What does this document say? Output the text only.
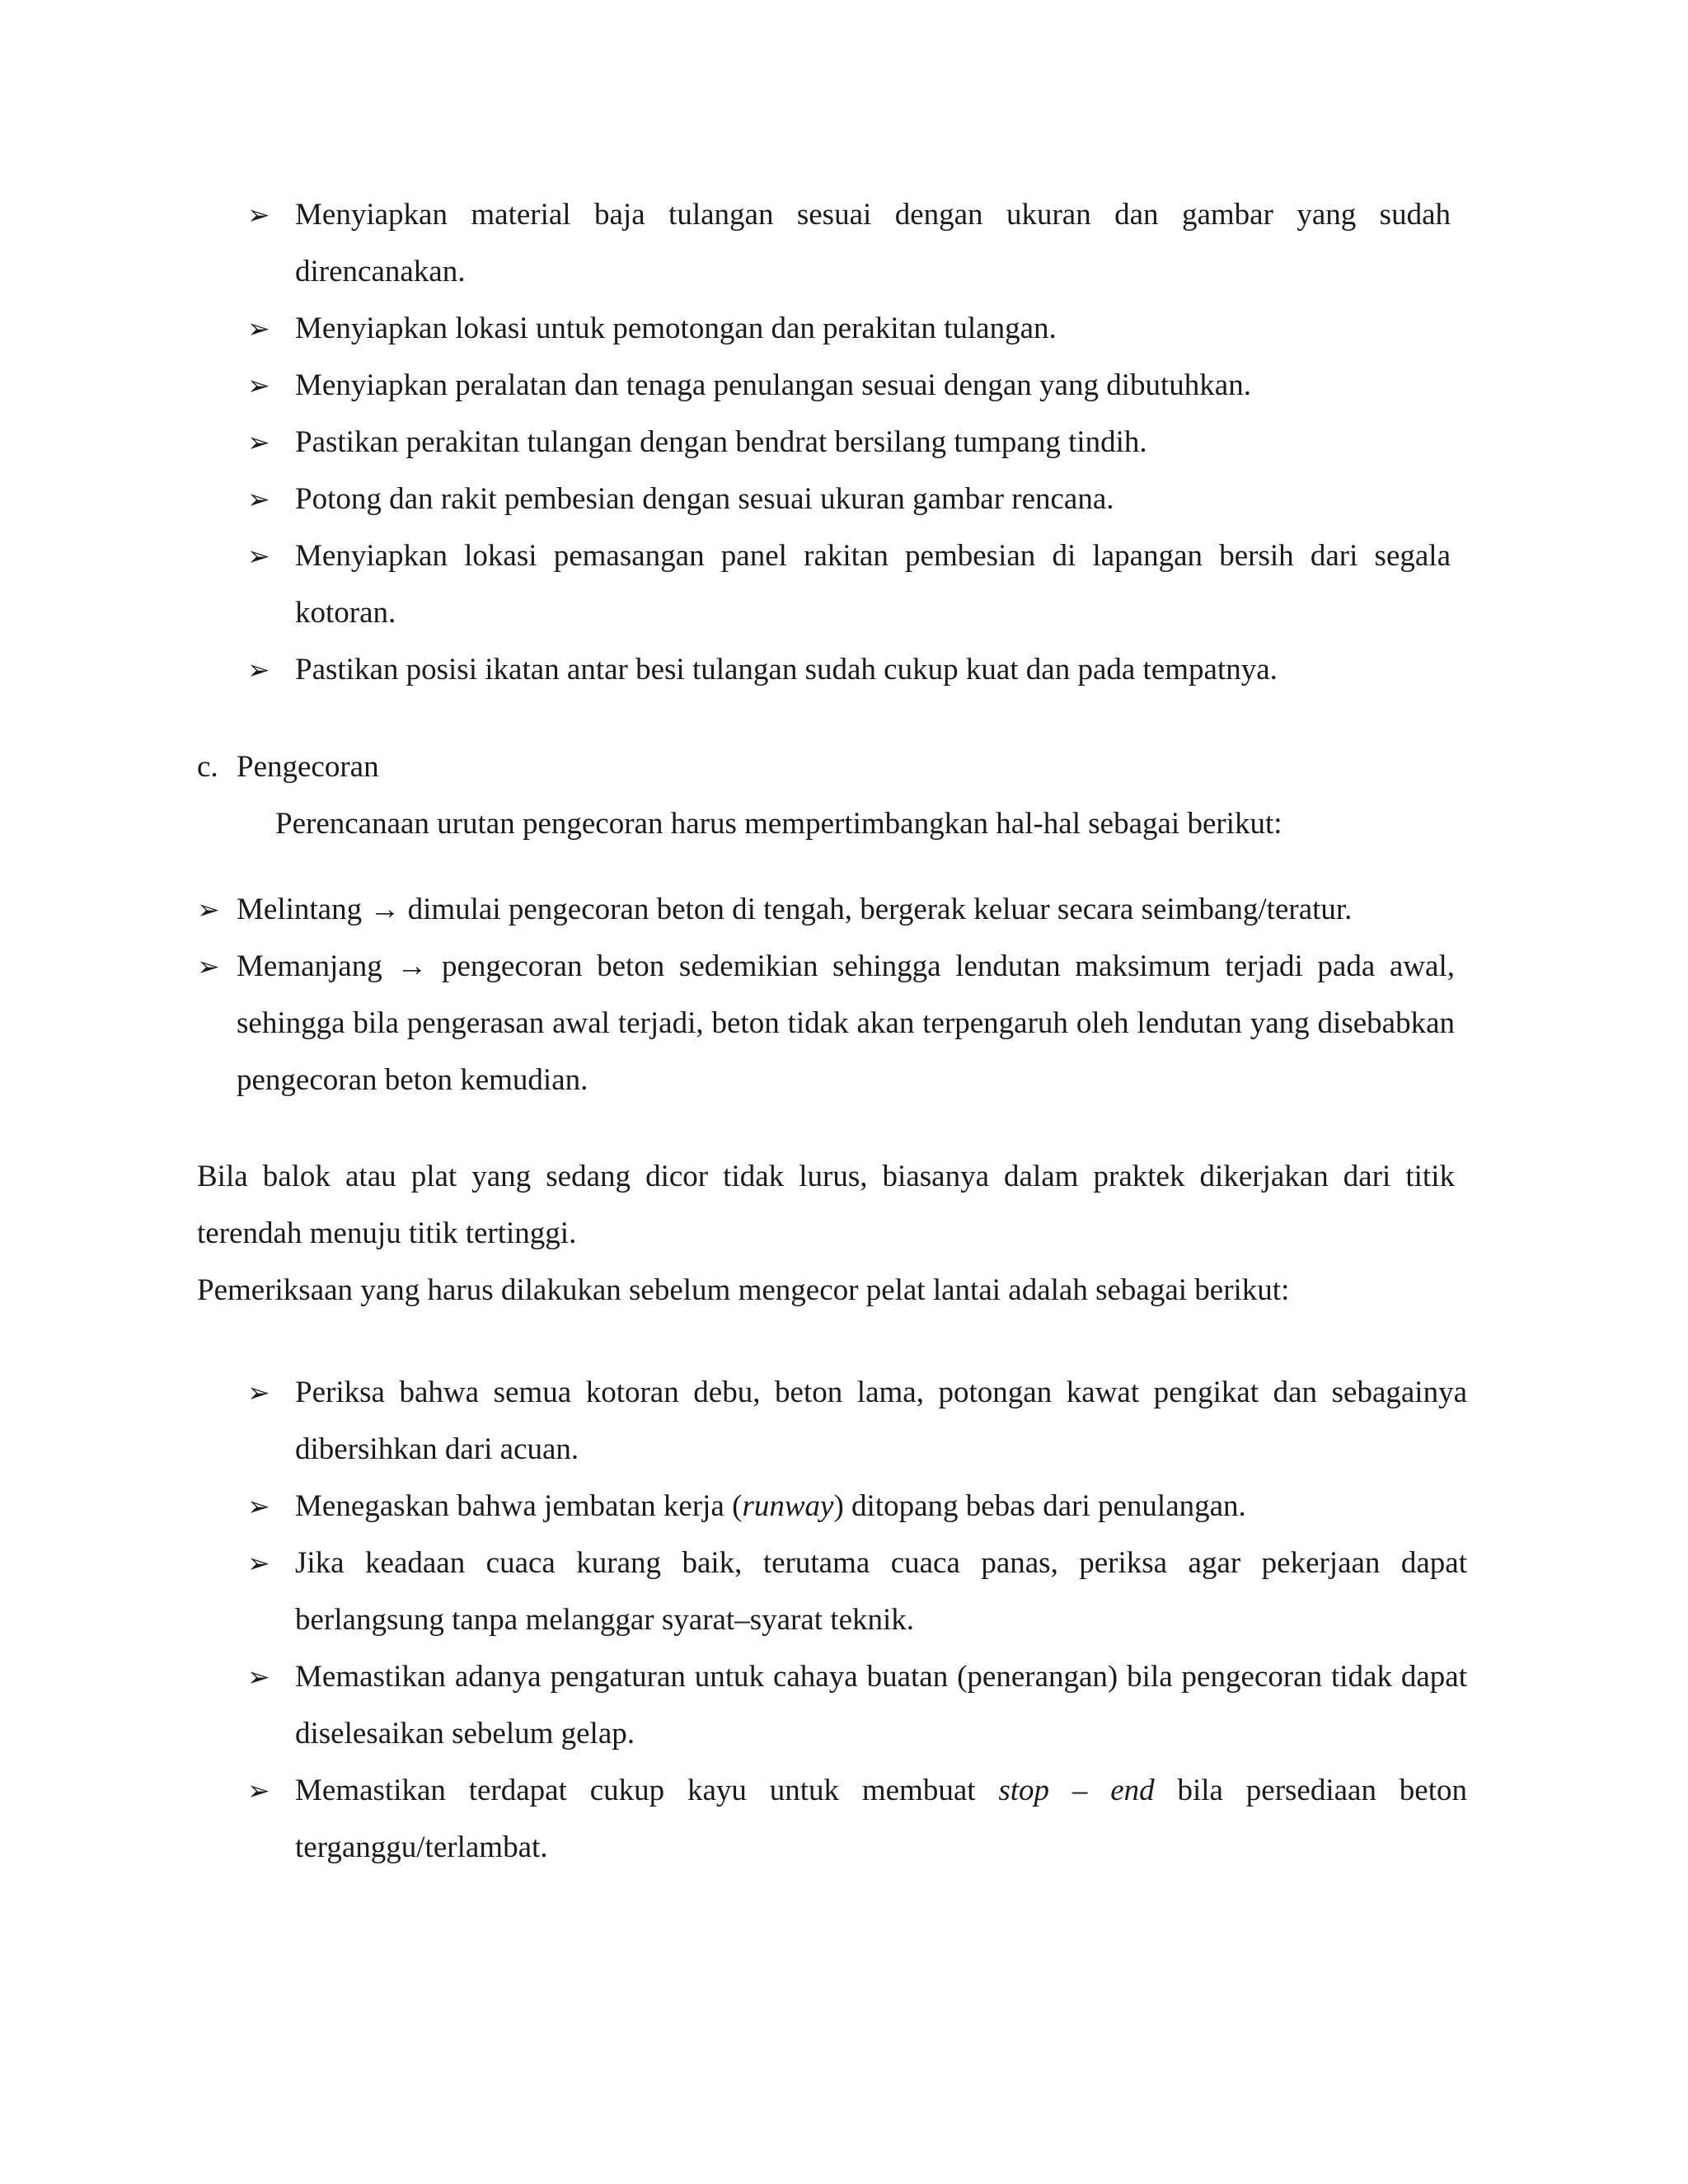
➢ Menyiapkan material baja tulangan sesuai dengan ukuran dan gambar yang sudah direncanakan.
➢ Menyiapkan lokasi untuk pemotongan dan perakitan tulangan.
➢ Menyiapkan peralatan dan tenaga penulangan sesuai dengan yang dibutuhkan.
➢ Pastikan perakitan tulangan dengan bendrat bersilang tumpang tindih.
➢ Potong dan rakit pembesian dengan sesuai ukuran gambar rencana.
➢ Menyiapkan lokasi pemasangan panel rakitan pembesian di lapangan bersih dari segala kotoran.
➢ Pastikan posisi ikatan antar besi tulangan sudah cukup kuat dan pada tempatnya.
c. Pengecoran
Perencanaan urutan pengecoran harus mempertimbangkan hal-hal sebagai berikut:
➢ Melintang → dimulai pengecoran beton di tengah, bergerak keluar secara seimbang/teratur.
➢ Memanjang → pengecoran beton sedemikian sehingga lendutan maksimum terjadi pada awal, sehingga bila pengerasan awal terjadi, beton tidak akan terpengaruh oleh lendutan yang disebabkan pengecoran beton kemudian.
Bila balok atau plat yang sedang dicor tidak lurus, biasanya dalam praktek dikerjakan dari titik terendah menuju titik tertinggi.
Pemeriksaan yang harus dilakukan sebelum mengecor pelat lantai adalah sebagai berikut:
➢ Periksa bahwa semua kotoran debu, beton lama, potongan kawat pengikat dan sebagainya dibersihkan dari acuan.
➢ Menegaskan bahwa jembatan kerja (runway) ditopang bebas dari penulangan.
➢ Jika keadaan cuaca kurang baik, terutama cuaca panas, periksa agar pekerjaan dapat berlangsung tanpa melanggar syarat–syarat teknik.
➢ Memastikan adanya pengaturan untuk cahaya buatan (penerangan) bila pengecoran tidak dapat diselesaikan sebelum gelap.
➢ Memastikan terdapat cukup kayu untuk membuat stop – end bila persediaan beton terganggu/terlambat.
